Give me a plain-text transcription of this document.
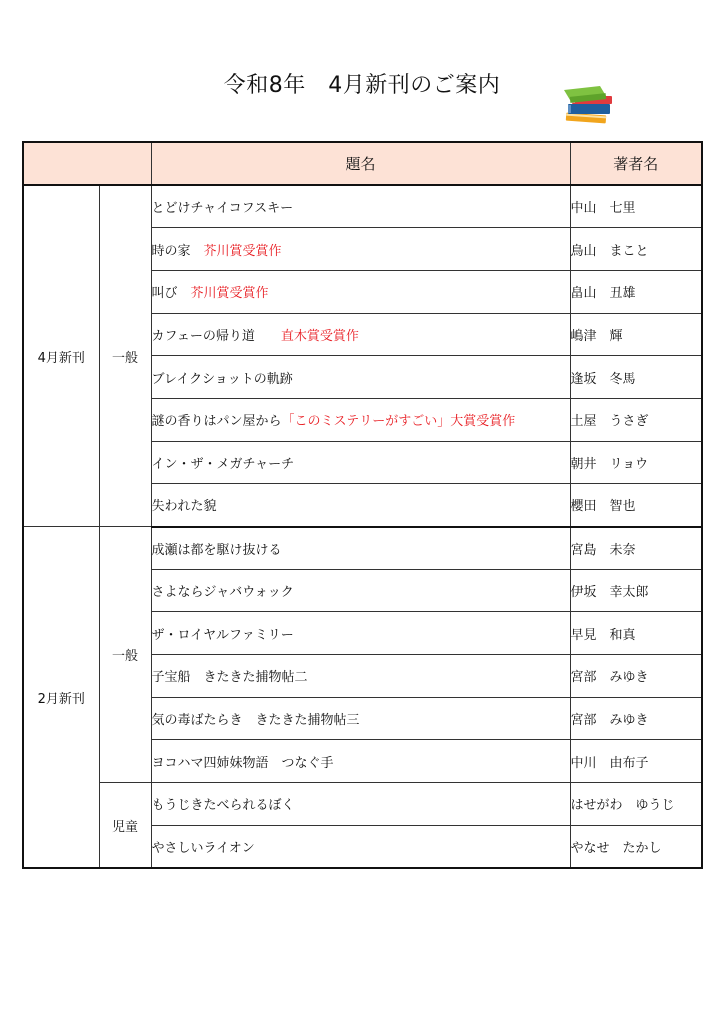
令和8年　4月新刊のご案内
		題名	著者名
4月新刊	一般	とどけチャイコフスキー	中山　七里
		時の家　 芥川賞受賞作	鳥山　まこと
		叫び　 芥川賞受賞作	畠山　丑雄
		カフェーの帰り道　　 直木賞受賞作	嶋津　輝
		ブレイクショットの軌跡	逢坂　冬馬
		謎の香りはパン屋から「このミステリーがすごい」大賞受賞作	土屋　うさぎ
		イン・ザ・メガチャーチ	朝井　リョウ
		失われた貌	櫻田　智也
2月新刊	一般	成瀬は都を駆け抜ける	宮島　未奈
		さよならジャバウォック	伊坂　幸太郎
		ザ・ロイヤルファミリー	早見　和真
		子宝船　きたきた捕物帖二	宮部　みゆき
		気の毒ばたらき　きたきた捕物帖三	宮部　みゆき
		ヨコハマ四姉妹物語　つなぐ手	中川　由布子
	児童	もうじきたべられるぼく	はせがわ　ゆうじ
		やさしいライオン	やなせ　たかし
